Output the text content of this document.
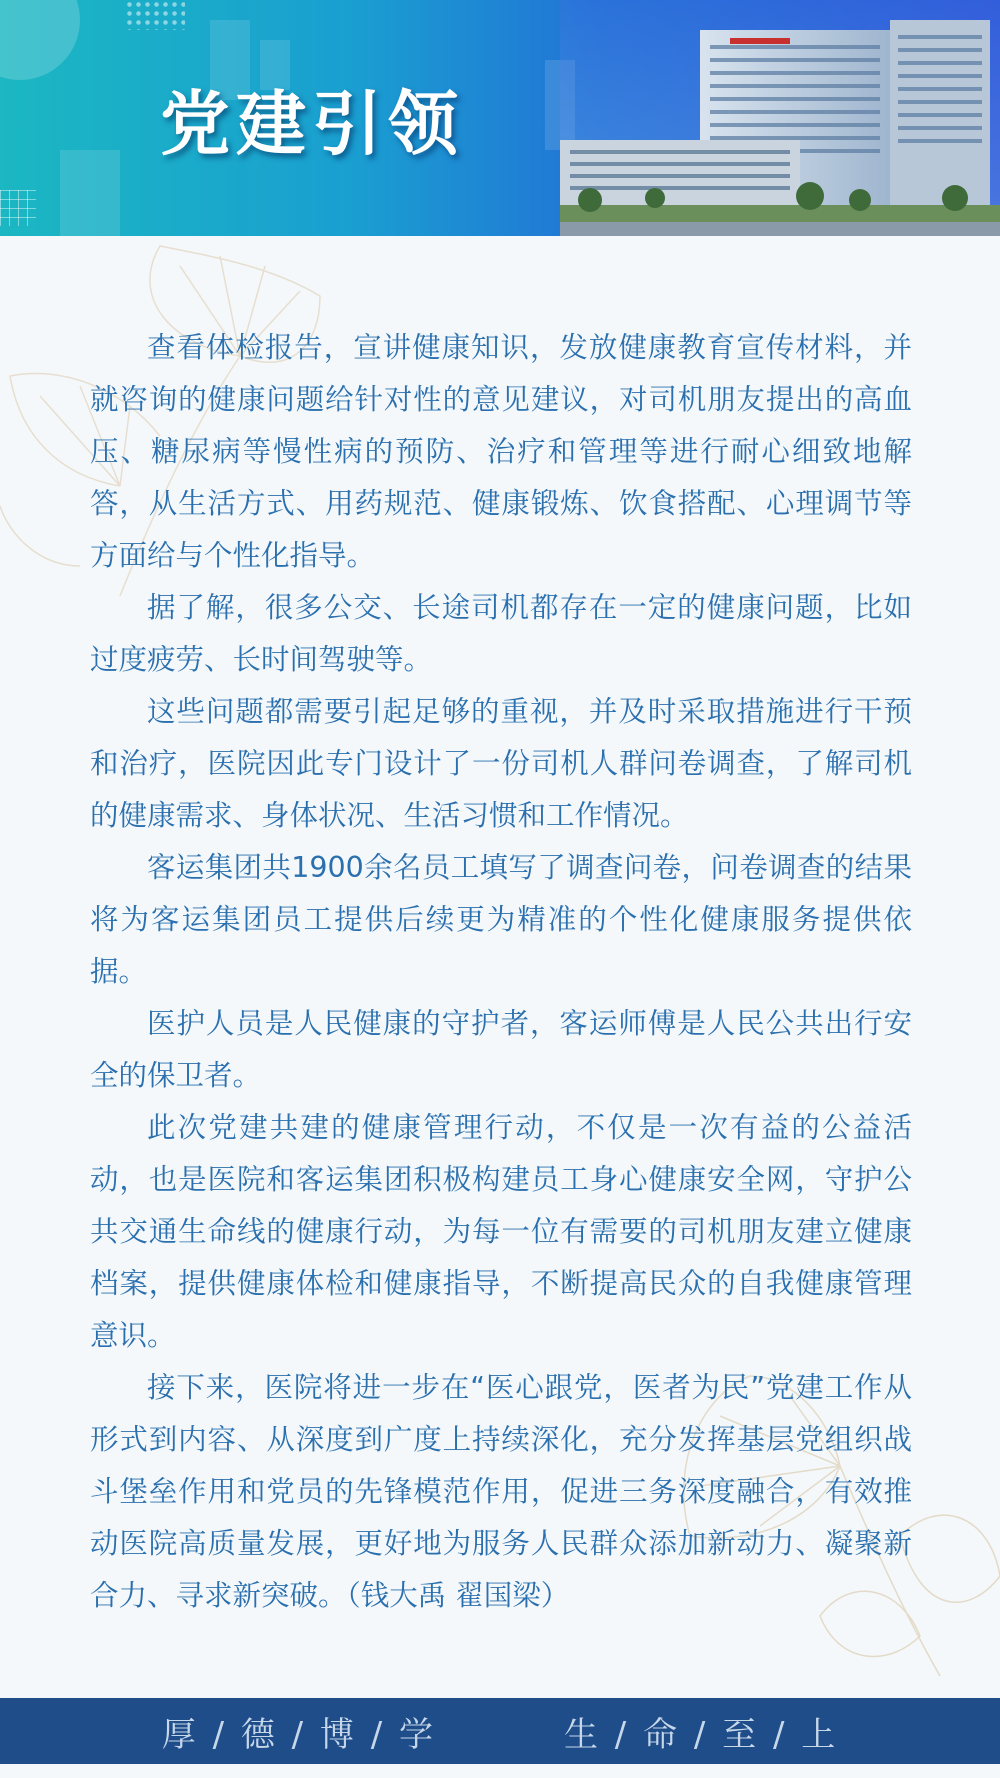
党建引领

查看体检报告，宣讲健康知识，发放健康教育宣传材料，并就咨询的健康问题给针对性的意见建议，对司机朋友提出的高血压、糖尿病等慢性病的预防、治疗和管理等进行耐心细致地解答，从生活方式、用药规范、健康锻炼、饮食搭配、心理调节等方面给与个性化指导。

据了解，很多公交、长途司机都存在一定的健康问题，比如过度疲劳、长时间驾驶等。

这些问题都需要引起足够的重视，并及时采取措施进行干预和治疗，医院因此专门设计了一份司机人群问卷调查，了解司机的健康需求、身体状况、生活习惯和工作情况。

客运集团共1900余名员工填写了调查问卷，问卷调查的结果将为客运集团员工提供后续更为精准的个性化健康服务提供依据。

医护人员是人民健康的守护者，客运师傅是人民公共出行安全的保卫者。

此次党建共建的健康管理行动，不仅是一次有益的公益活动，也是医院和客运集团积极构建员工身心健康安全网，守护公共交通生命线的健康行动，为每一位有需要的司机朋友建立健康档案，提供健康体检和健康指导，不断提高民众的自我健康管理意识。

接下来，医院将进一步在“医心跟党，医者为民”党建工作从形式到内容、从深度到广度上持续深化，充分发挥基层党组织战斗堡垒作用和党员的先锋模范作用，促进三务深度融合，有效推动医院高质量发展，更好地为服务人民群众添加新动力、凝聚新合力、寻求新突破。（钱大禹 翟国梁）

厚 / 德 / 博 / 学	生 / 命 / 至 / 上
